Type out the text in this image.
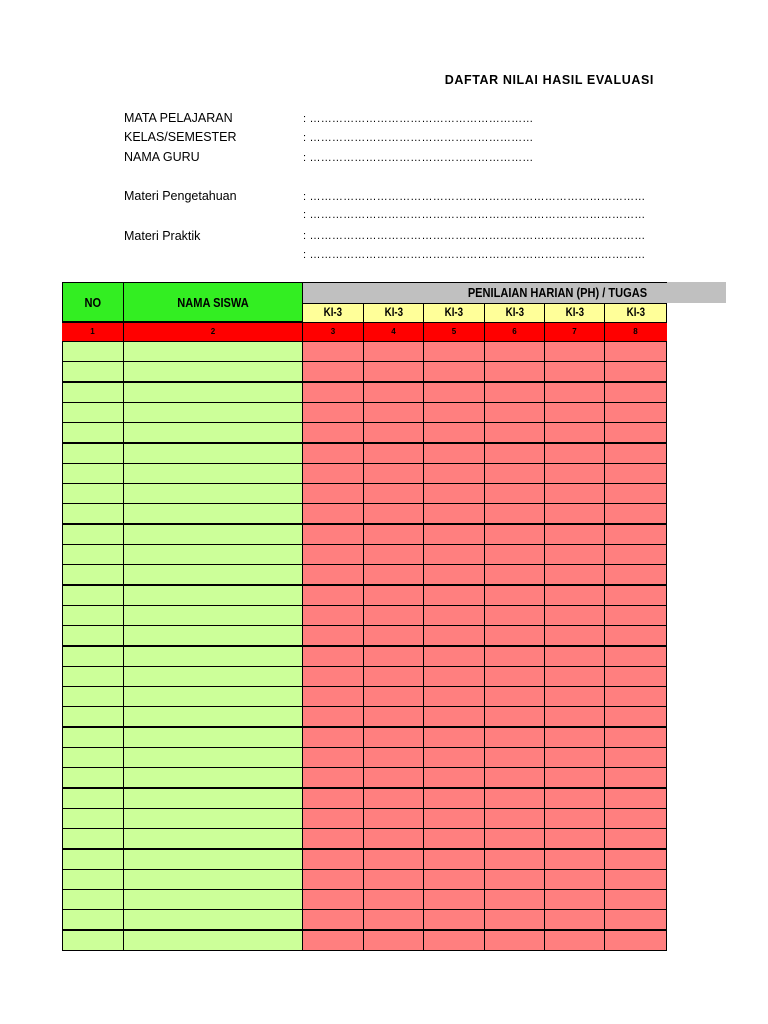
DAFTAR NILAI HASIL EVALUASI
MATA PELAJARAN	: ……………………………………………………
KELAS/SEMESTER	: ……………………………………………………
NAMA GURU	: ……………………………………………………
Materi Pengetahuan	: ………………………………………………………………………………
: ………………………………………………………………………………
Materi Praktik	: ………………………………………………………………………………
: ………………………………………………………………………………
PENILAIAN HARIAN (PH) / TUGAS
NO	NAMA SISWA
KI-3	KI-3	KI-3	KI-3	KI-3	KI-3
1	2	3	4	5	6	7	8
